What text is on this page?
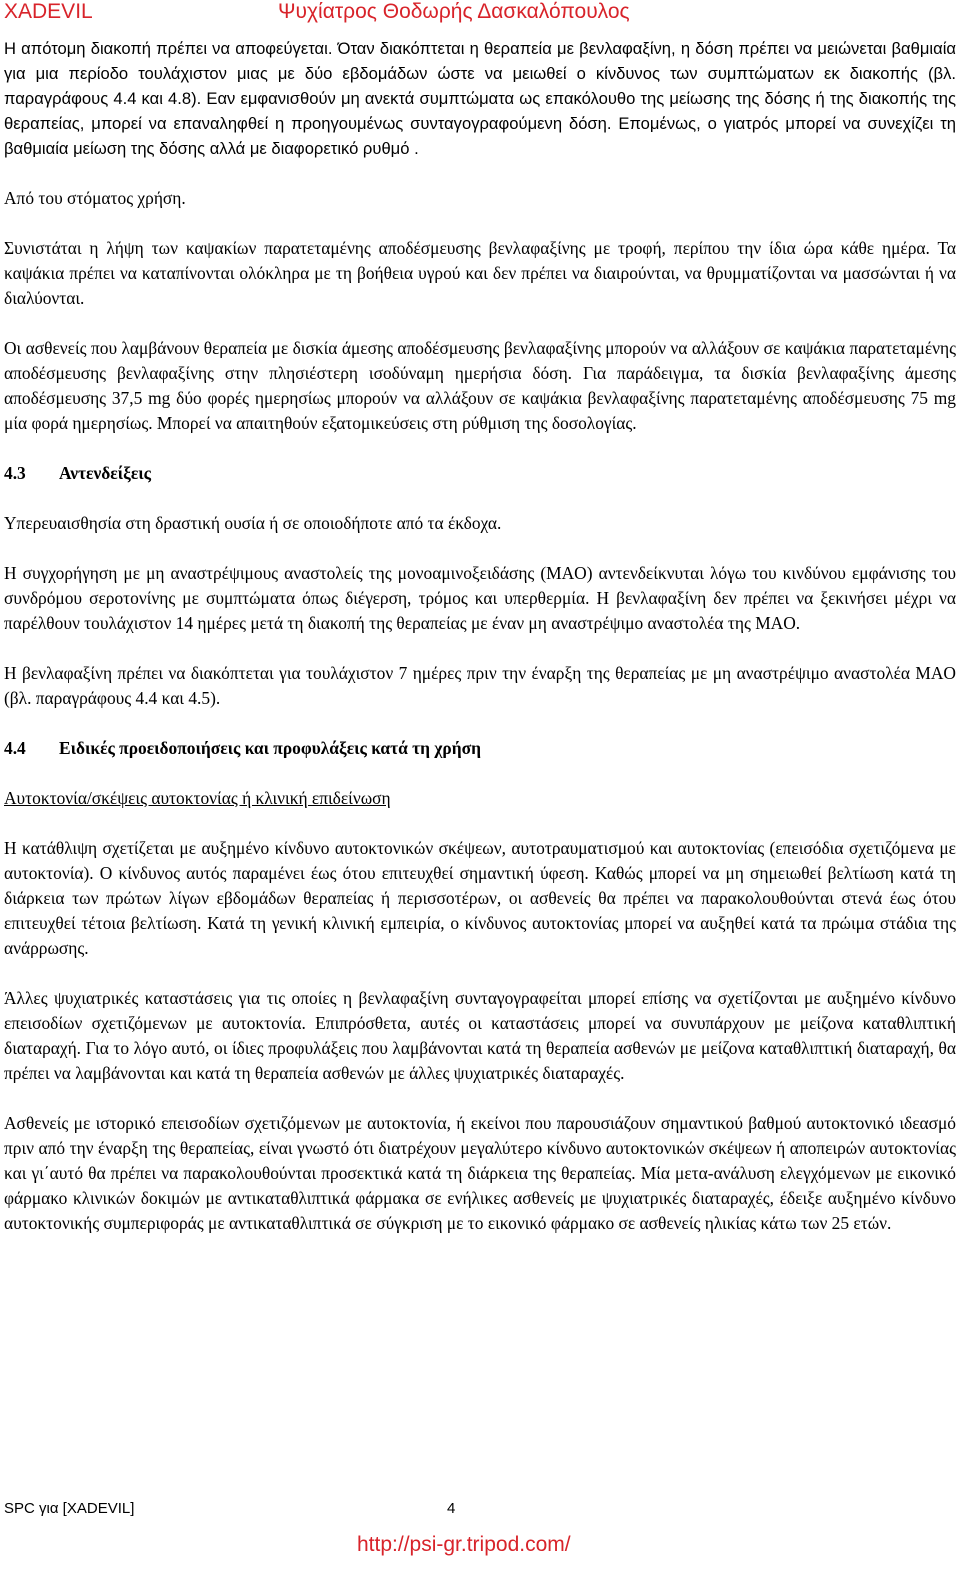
XADEVIL	Ψυχίατρος Θοδωρής Δασκαλόπουλος

Η απότομη διακοπή πρέπει να αποφεύγεται. Όταν διακόπτεται η θεραπεία με βενλαφαξίνη, η δόση πρέπει να μειώνεται βαθμιαία για μια περίοδο τουλάχιστον μιας με δύο εβδομάδων ώστε να μειωθεί ο κίνδυνος των συμπτώματων εκ διακοπής (βλ. παραγράφους 4.4 και 4.8). Εαν εμφανισθούν μη ανεκτά συμπτώματα ως επακόλουθο της μείωσης της δόσης ή της διακοπής της θεραπείας, μπορεί να επαναληφθεί η προηγουμένως συνταγογραφούμενη δόση. Επομένως, ο γιατρός μπορεί να συνεχίζει τη βαθμιαία μείωση της δόσης αλλά με διαφορετικό ρυθμό .

Από του στόματος χρήση.

Συνιστάται η λήψη των καψακίων παρατεταμένης αποδέσμευσης βενλαφαξίνης με τροφή, περίπου την ίδια ώρα κάθε ημέρα. Τα καψάκια πρέπει να καταπίνονται ολόκληρα με τη βοήθεια υγρού και δεν πρέπει να διαιρούνται, να θρυμματίζονται να μασσώνται ή να διαλύονται.

Οι ασθενείς που λαμβάνουν θεραπεία με δισκία άμεσης αποδέσμευσης βενλαφαξίνης μπορούν να αλλάξουν σε καψάκια παρατεταμένης αποδέσμευσης βενλαφαξίνης στην πλησιέστερη ισοδύναμη ημερήσια δόση. Για παράδειγμα, τα δισκία βενλαφαξίνης άμεσης αποδέσμευσης 37,5 mg δύο φορές ημερησίως μπορούν να αλλάξουν σε καψάκια βενλαφαξίνης παρατεταμένης αποδέσμευσης 75 mg μία φορά ημερησίως. Μπορεί να απαιτηθούν εξατομικεύσεις στη ρύθμιση της δοσολογίας.

4.3 Αντενδείξεις

Υπερευαισθησία στη δραστική ουσία ή σε οποιοδήποτε από τα έκδοχα.

Η συγχορήγηση με μη αναστρέψιμους αναστολείς της μονοαμινοξειδάσης (MAO) αντενδείκνυται λόγω του κινδύνου εμφάνισης του συνδρόμου σεροτονίνης με συμπτώματα όπως διέγερση, τρόμος και υπερθερμία. Η βενλαφαξίνη δεν πρέπει να ξεκινήσει μέχρι να παρέλθουν τουλάχιστον 14 ημέρες μετά τη διακοπή της θεραπείας με έναν μη αναστρέψιμο αναστολέα της MAO.

Η βενλαφαξίνη πρέπει να διακόπτεται για τουλάχιστον 7 ημέρες πριν την έναρξη της θεραπείας με μη αναστρέψιμο αναστολέα MAO (βλ. παραγράφους 4.4 και 4.5).

4.4 Ειδικές προειδοποιήσεις και προφυλάξεις κατά τη χρήση
Αυτοκτονία/σκέψεις αυτοκτονίας ή κλινική επιδείνωση

Η κατάθλιψη σχετίζεται με αυξημένο κίνδυνο αυτοκτονικών σκέψεων, αυτοτραυματισμού και αυτοκτονίας (επεισόδια σχετιζόμενα με αυτοκτονία). Ο κίνδυνος αυτός παραμένει έως ότου επιτευχθεί σημαντική ύφεση. Καθώς μπορεί να μη σημειωθεί βελτίωση κατά τη διάρκεια των πρώτων λίγων εβδομάδων θεραπείας ή περισσοτέρων, οι ασθενείς θα πρέπει να παρακολουθούνται στενά έως ότου επιτευχθεί τέτοια βελτίωση. Κατά τη γενική κλινική εμπειρία, ο κίνδυνος αυτοκτονίας μπορεί να αυξηθεί κατά τα πρώιμα στάδια της ανάρρωσης.

Άλλες ψυχιατρικές καταστάσεις για τις οποίες η βενλαφαξίνη συνταγογραφείται μπορεί επίσης να σχετίζονται με αυξημένο κίνδυνο επεισοδίων σχετιζόμενων με αυτοκτονία. Επιπρόσθετα, αυτές οι καταστάσεις μπορεί να συνυπάρχουν με μείζονα καταθλιπτική διαταραχή. Για το λόγο αυτό, οι ίδιες προφυλάξεις που λαμβάνονται κατά τη θεραπεία ασθενών με μείζονα καταθλιπτική διαταραχή, θα πρέπει να λαμβάνονται και κατά τη θεραπεία ασθενών με άλλες ψυχιατρικές διαταραχές.

Ασθενείς με ιστορικό επεισοδίων σχετιζόμενων με αυτοκτονία, ή εκείνοι που παρουσιάζουν σημαντικού βαθμού αυτοκτονικό ιδεασμό πριν από την έναρξη της θεραπείας, είναι γνωστό ότι διατρέχουν μεγαλύτερο κίνδυνο αυτοκτονικών σκέψεων ή αποπειρών αυτοκτονίας και γι΄αυτό θα πρέπει να παρακολουθούνται προσεκτικά κατά τη διάρκεια της θεραπείας. Μία μετα-ανάλυση ελεγχόμενων με εικονικό φάρμακο κλινικών δοκιμών με αντικαταθλιπτικά φάρμακα σε ενήλικες ασθενείς με ψυχιατρικές διαταραχές, έδειξε αυξημένο κίνδυνο αυτοκτονικής συμπεριφοράς με αντικαταθλιπτικά σε σύγκριση με το εικονικό φάρμακο σε ασθενείς ηλικίας κάτω των 25 ετών.

SPC για [XADEVIL]	4
http://psi-gr.tripod.com/
